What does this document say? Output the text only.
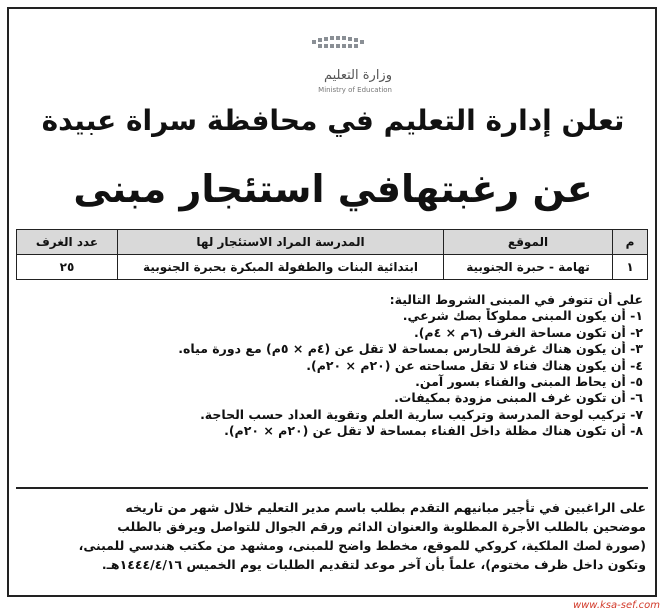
وزارة التعليم
Ministry of Education
تعلن إدارة التعليم في محافظة سراة عبيدة
عن رغبتهافي استئجار مبنى
م	الموقع	المدرسة المراد الاستئجار لها	عدد الغرف
١	تهامة - حبرة الجنوبية	ابتدائية البنات والطفولة المبكرة بحبرة الجنوبية	٢٥
على أن تتوفر في المبنى الشروط التالية:
١- أن يكون المبنى مملوكاً بصك شرعي.
٢- أن تكون مساحة الغرف (٦م × ٤م).
٣- أن يكون هناك غرفة للحارس بمساحة لا تقل عن (٤م × ٥م) مع دورة مياه.
٤- أن يكون هناك فناء لا تقل مساحته عن (٢٠م × ٢٠م).
٥- أن يحاط المبنى والفناء بسور آمن.
٦- أن تكون غرف المبنى مزودة بمكيفات.
٧- تركيب لوحة المدرسة وتركيب سارية العلم وتقوية العداد حسب الحاجة.
٨- أن تكون هناك مظلة داخل الفناء بمساحة لا تقل عن (٢٠م × ٢٠م).
على الراغبين في تأجير مبانيهم التقدم بطلب باسم مدير التعليم خلال شهر من تاريخه
موضحين بالطلب الأجرة المطلوبة والعنوان الدائم ورقم الجوال للتواصل ويرفق بالطلب
(صورة لصك الملكية، كروكي للموقع، مخطط واضح للمبنى، ومشهد من مكتب هندسي للمبنى،
وتكون داخل ظرف مختوم)، علماً بأن آخر موعد لتقديم الطلبات يوم الخميس ١٤٤٤/٤/١٦هـ.
www.ksa-sef.com
